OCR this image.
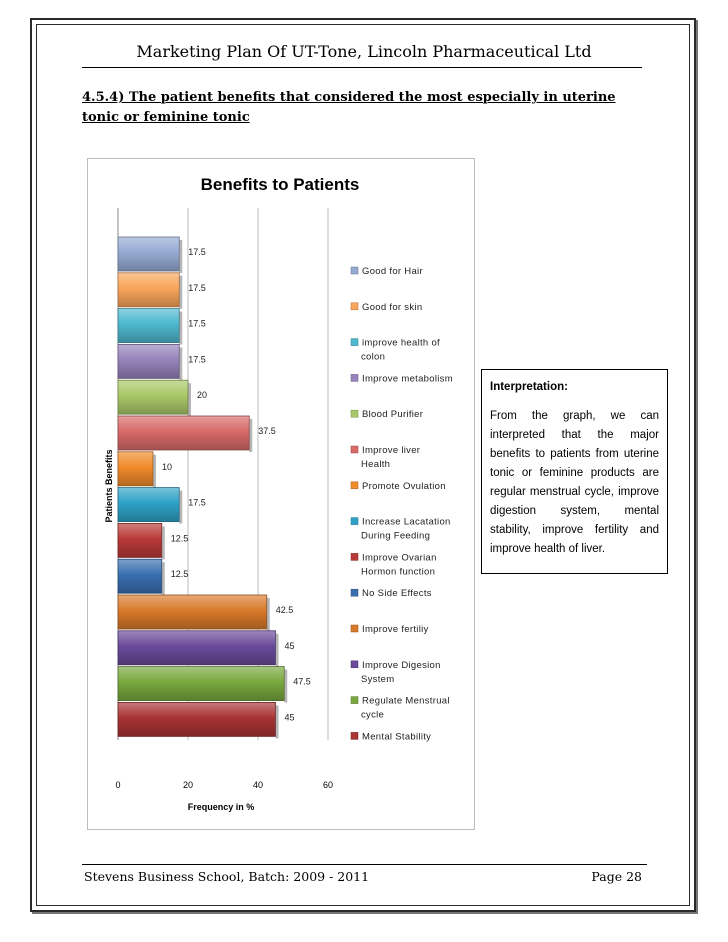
Marketing Plan Of UT-Tone, Lincoln Pharmaceutical Ltd
4.5.4) The patient benefits that considered the most especially in uterine tonic or feminine tonic
Benefits to Patients
17.5
17.5
17.5
17.5
20
37.5
10
17.5
12.5
12.5
42.5
45
47.5
45
0	20	40	60
Good for Hair
Good for skin
improve health of colon
Improve metabolism
Blood Purifier
Improve liver Health
Promote Ovulation
Increase Lacatation During Feeding
Improve Ovarian Hormon function
No Side Effects
Improve fertiliy
Improve Digesion System
Regulate Menstrual cycle
Mental Stability
Frequency in %
Patients Benefits
Interpretation:
From the graph, we can interpreted that the major benefits to patients from uterine tonic or feminine products are regular menstrual cycle, improve digestion system, mental stability, improve fertility and improve health of liver.
Stevens Business School, Batch: 2009 - 2011	Page 28
